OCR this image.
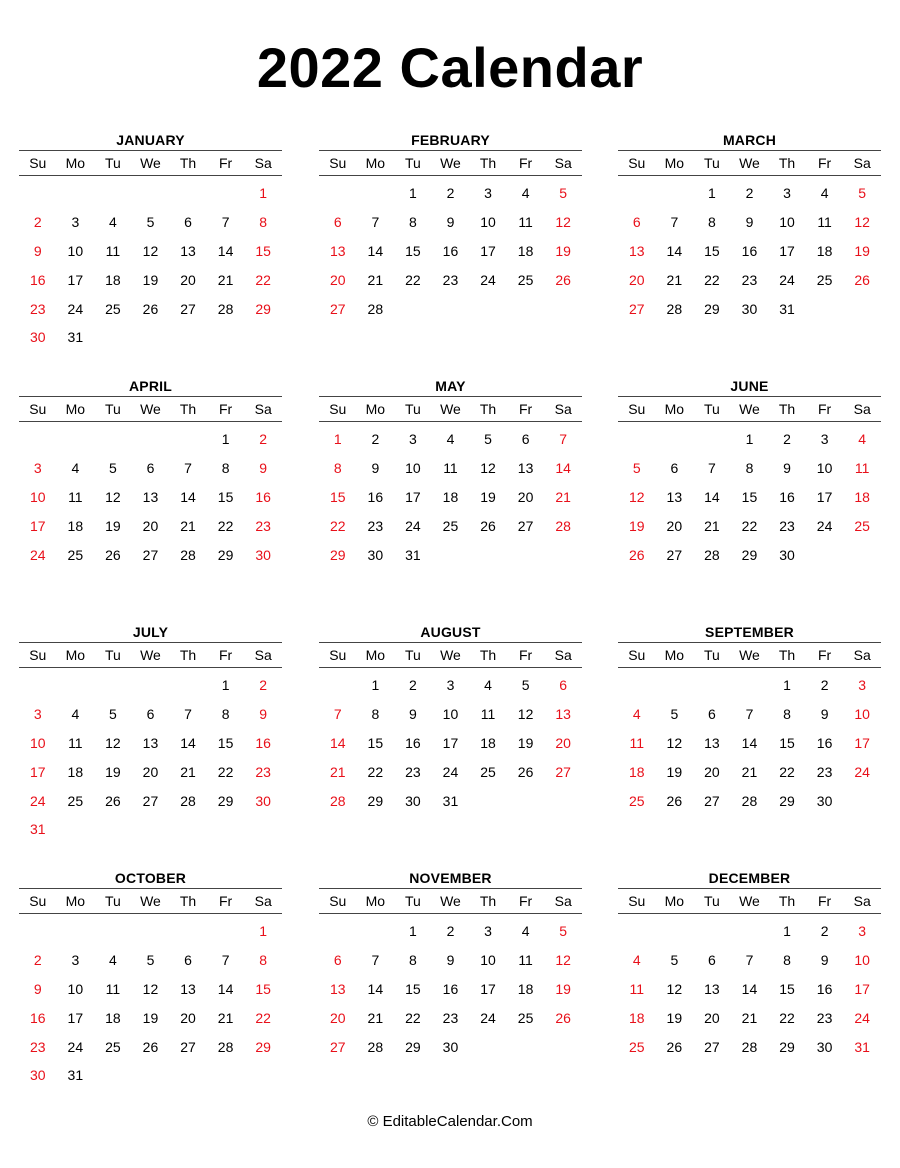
2022 Calendar
JANUARY
Su	Mo	Tu	We	Th	Fr	Sa

						1
2	3	4	5	6	7	8
9	10	11	12	13	14	15
16	17	18	19	20	21	22
23	24	25	26	27	28	29
30	31					
FEBRUARY
Su	Mo	Tu	We	Th	Fr	Sa

		1	2	3	4	5
6	7	8	9	10	11	12
13	14	15	16	17	18	19
20	21	22	23	24	25	26
27	28					
MARCH
Su	Mo	Tu	We	Th	Fr	Sa

		1	2	3	4	5
6	7	8	9	10	11	12
13	14	15	16	17	18	19
20	21	22	23	24	25	26
27	28	29	30	31		
APRIL
Su	Mo	Tu	We	Th	Fr	Sa

					1	2
3	4	5	6	7	8	9
10	11	12	13	14	15	16
17	18	19	20	21	22	23
24	25	26	27	28	29	30
MAY
Su	Mo	Tu	We	Th	Fr	Sa

1	2	3	4	5	6	7
8	9	10	11	12	13	14
15	16	17	18	19	20	21
22	23	24	25	26	27	28
29	30	31				
JUNE
Su	Mo	Tu	We	Th	Fr	Sa

			1	2	3	4
5	6	7	8	9	10	11
12	13	14	15	16	17	18
19	20	21	22	23	24	25
26	27	28	29	30		
JULY
Su	Mo	Tu	We	Th	Fr	Sa

					1	2
3	4	5	6	7	8	9
10	11	12	13	14	15	16
17	18	19	20	21	22	23
24	25	26	27	28	29	30
31						
AUGUST
Su	Mo	Tu	We	Th	Fr	Sa

	1	2	3	4	5	6
7	8	9	10	11	12	13
14	15	16	17	18	19	20
21	22	23	24	25	26	27
28	29	30	31			
SEPTEMBER
Su	Mo	Tu	We	Th	Fr	Sa

				1	2	3
4	5	6	7	8	9	10
11	12	13	14	15	16	17
18	19	20	21	22	23	24
25	26	27	28	29	30	
OCTOBER
Su	Mo	Tu	We	Th	Fr	Sa

						1
2	3	4	5	6	7	8
9	10	11	12	13	14	15
16	17	18	19	20	21	22
23	24	25	26	27	28	29
30	31					
NOVEMBER
Su	Mo	Tu	We	Th	Fr	Sa

		1	2	3	4	5
6	7	8	9	10	11	12
13	14	15	16	17	18	19
20	21	22	23	24	25	26
27	28	29	30			
DECEMBER
Su	Mo	Tu	We	Th	Fr	Sa

				1	2	3
4	5	6	7	8	9	10
11	12	13	14	15	16	17
18	19	20	21	22	23	24
25	26	27	28	29	30	31
© EditableCalendar.Com
